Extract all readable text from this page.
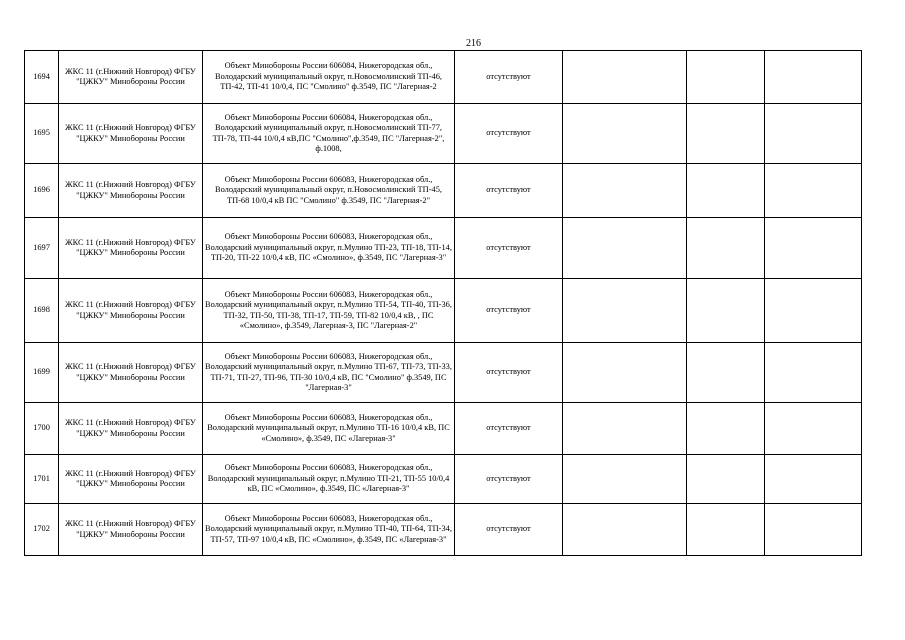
216
1694	ЖКС 11 (г.Нижний Новгород) ФГБУ "ЦЖКУ" Минобороны России	Объект Минобороны России 606084, Нижегородская обл., Володарский муниципальный округ, п.Новосмолинский ТП-46, ТП-42, ТП-41 10/0,4, ПС "Смолино" ф.3549, ПС "Лагерная-2	отсутствуют			
1695	ЖКС 11 (г.Нижний Новгород) ФГБУ "ЦЖКУ" Минобороны России	Объект Минобороны России 606084, Нижегородская обл., Володарский муниципальный округ, п.Новосмолинский ТП-77, ТП-78, ТП-44 10/0,4 кВ,ПС "Смолино",ф.3549, ПС "Лагерная-2", ф.1008,	отсутствуют			
1696	ЖКС 11 (г.Нижний Новгород) ФГБУ "ЦЖКУ" Минобороны России	Объект Минобороны России 606083, Нижегородская обл., Володарский муниципальный округ, п.Новосмолинский ТП-45, ТП-68 10/0,4 кВ ПС "Смолино" ф.3549, ПС "Лагерная-2"	отсутствуют			
1697	ЖКС 11 (г.Нижний Новгород) ФГБУ "ЦЖКУ" Минобороны России	Объект Минобороны России 606083, Нижегородская обл., Володарский муниципальный округ, п.Мулино ТП-23, ТП-18, ТП-14, ТП-20, ТП-22 10/0,4 кВ, ПС «Смолино», ф.3549, ПС "Лагерная-3"	отсутствуют			
1698	ЖКС 11 (г.Нижний Новгород) ФГБУ "ЦЖКУ" Минобороны России	Объект Минобороны России 606083, Нижегородская обл., Володарский муниципальный округ, п.Мулино ТП-54, ТП-40, ТП-36, ТП-32, ТП-50, ТП-38, ТП-17, ТП-59, ТП-82 10/0,4 кВ, , ПС «Смолино», ф.3549, Лагерная-3, ПС "Лагерная-2"	отсутствуют			
1699	ЖКС 11 (г.Нижний Новгород) ФГБУ "ЦЖКУ" Минобороны России	Объект Минобороны России 606083, Нижегородская обл., Володарский муниципальный округ, п.Мулино ТП-67, ТП-73, ТП-33, ТП-71, ТП-27, ТП-96, ТП-30 10/0,4 кВ, ПС "Смолино" ф.3549, ПС "Лагерная-3"	отсутствуют			
1700	ЖКС 11 (г.Нижний Новгород) ФГБУ "ЦЖКУ" Минобороны России	Объект Минобороны России 606083, Нижегородская обл., Володарский муниципальный округ, п.Мулино ТП-16 10/0,4 кВ, ПС «Смолино», ф.3549, ПС «Лагерная-3"	отсутствуют			
1701	ЖКС 11 (г.Нижний Новгород) ФГБУ "ЦЖКУ" Минобороны России	Объект Минобороны России 606083, Нижегородская обл., Володарский муниципальный округ, п.Мулино ТП-21, ТП-55 10/0,4 кВ, ПС «Смолино», ф.3549, ПС «Лагерная-3"	отсутствуют			
1702	ЖКС 11 (г.Нижний Новгород) ФГБУ "ЦЖКУ" Минобороны России	Объект Минобороны России 606083, Нижегородская обл., Володарский муниципальный округ, п.Мулино ТП-40, ТП-64, ТП-34, ТП-57, ТП-97 10/0,4 кВ, ПС «Смолино», ф.3549, ПС «Лагерная-3"	отсутствуют			
